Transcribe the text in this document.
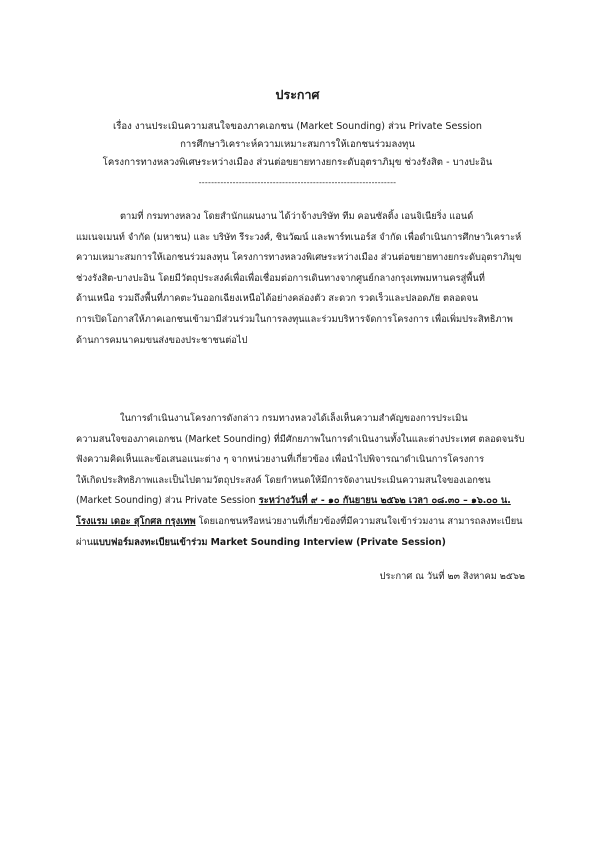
ประกาศ
เรื่อง งานประเมินความสนใจของภาคเอกชน (Market Sounding) ส่วน Private Session
การศึกษาวิเคราะห์ความเหมาะสมการให้เอกชนร่วมลงทุน
โครงการทางหลวงพิเศษระหว่างเมือง ส่วนต่อขยายทางยกระดับอุตราภิมุข ช่วงรังสิต - บางปะอิน
----------------------------------------------------------------
ตามที่ กรมทางหลวง โดยสำนักแผนงาน ได้ว่าจ้างบริษัท ทีม คอนซัลติ้ง เอนจิเนียริ่ง แอนด์
แมเนจเมนท์ จำกัด (มหาชน) และ บริษัท รีระวงศ์, ชินวัฒน์ และพาร์ทเนอร์ส จำกัด เพื่อดำเนินการศึกษาวิเคราะห์
ความเหมาะสมการให้เอกชนร่วมลงทุน โครงการทางหลวงพิเศษระหว่างเมือง ส่วนต่อขยายทางยกระดับอุตราภิมุข
ช่วงรังสิต-บางปะอิน โดยมีวัตถุประสงค์เพื่อเพื่อเชื่อมต่อการเดินทางจากศูนย์กลางกรุงเทพมหานครสู่พื้นที่
ด้านเหนือ รวมถึงพื้นที่ภาคตะวันออกเฉียงเหนือได้อย่างคล่องตัว สะดวก รวดเร็วและปลอดภัย ตลอดจน
การเปิดโอกาสให้ภาคเอกชนเข้ามามีส่วนร่วมในการลงทุนและร่วมบริหารจัดการโครงการ เพื่อเพิ่มประสิทธิภาพ
ด้านการคมนาคมขนส่งของประชาชนต่อไป
ในการดำเนินงานโครงการดังกล่าว กรมทางหลวงได้เล็งเห็นความสำคัญของการประเมิน
ความสนใจของภาคเอกชน (Market Sounding) ที่มีศักยภาพในการดำเนินงานทั้งในและต่างประเทศ ตลอดจนรับ
ฟังความคิดเห็นและข้อเสนอแนะต่าง ๆ จากหน่วยงานที่เกี่ยวข้อง เพื่อนำไปพิจารณาดำเนินการโครงการ
ให้เกิดประสิทธิภาพและเป็นไปตามวัตถุประสงค์ โดยกำหนดให้มีการจัดงานประเมินความสนใจของเอกชน
(Market Sounding) ส่วน Private Session ระหว่างวันที่ ๙ - ๑๐ กันยายน ๒๕๖๒ เวลา ๐๘.๓๐ – ๑๖.๐๐ น.
โรงแรม เดอะ สุโกศล กรุงเทพ โดยเอกชนหรือหน่วยงานที่เกี่ยวข้องที่มีความสนใจเข้าร่วมงาน สามารถลงทะเบียน
ผ่านแบบฟอร์มลงทะเบียนเข้าร่วม Market Sounding Interview (Private Session)
ประกาศ ณ วันที่ ๒๓ สิงหาคม ๒๕๖๒
